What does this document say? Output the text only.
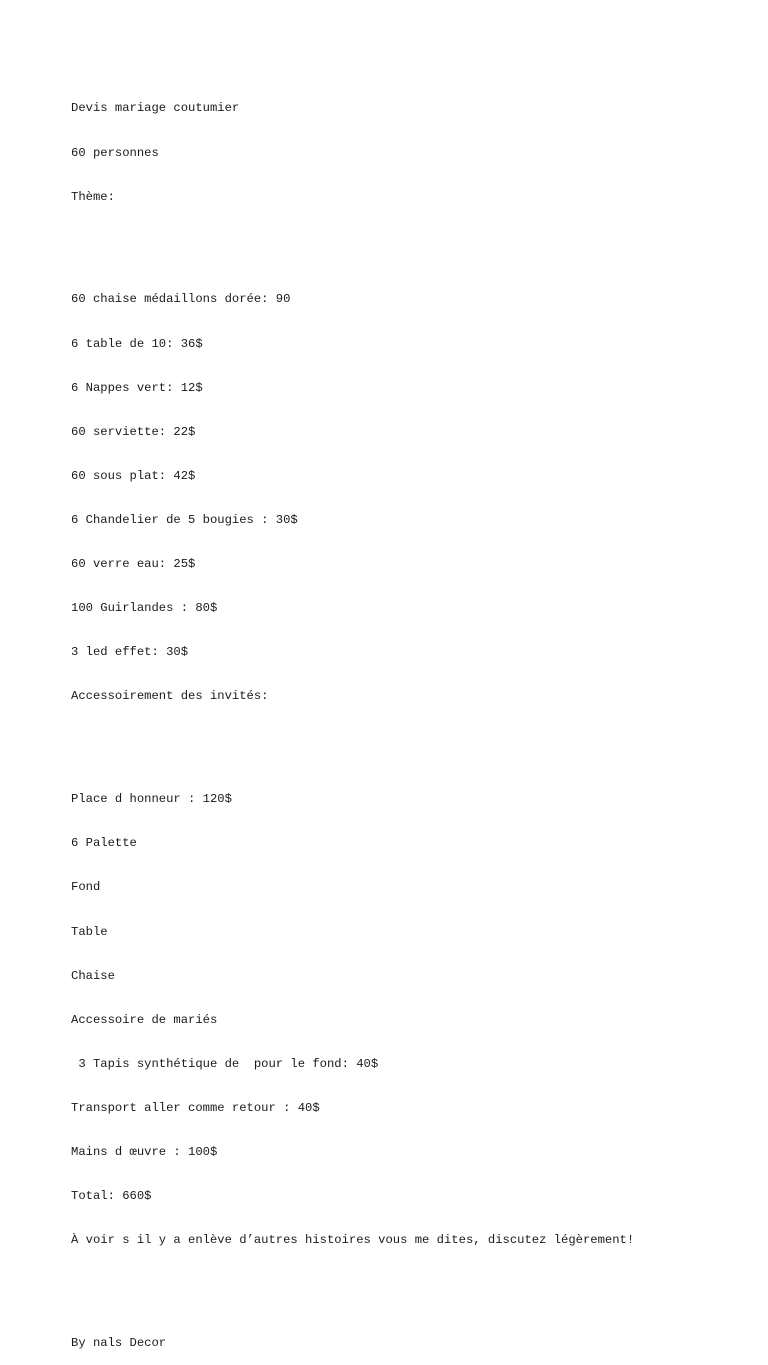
Devis mariage coutumier

60 personnes

Thème:

60 chaise médaillons dorée: 90

6 table de 10: 36$

6 Nappes vert: 12$

60 serviette: 22$

60 sous plat: 42$

6 Chandelier de 5 bougies : 30$

60 verre eau: 25$

100 Guirlandes : 80$

3 led effet: 30$

Accessoirement des invités:

Place d honneur : 120$

6 Palette

Fond

Table

Chaise

Accessoire de mariés

3 Tapis synthétique de  pour le fond: 40$

Transport aller comme retour : 40$

Mains d œuvre : 100$

Total: 660$

À voir s il y a enlève d’autres histoires vous me dites, discutez légèrement!

By nals Decor
